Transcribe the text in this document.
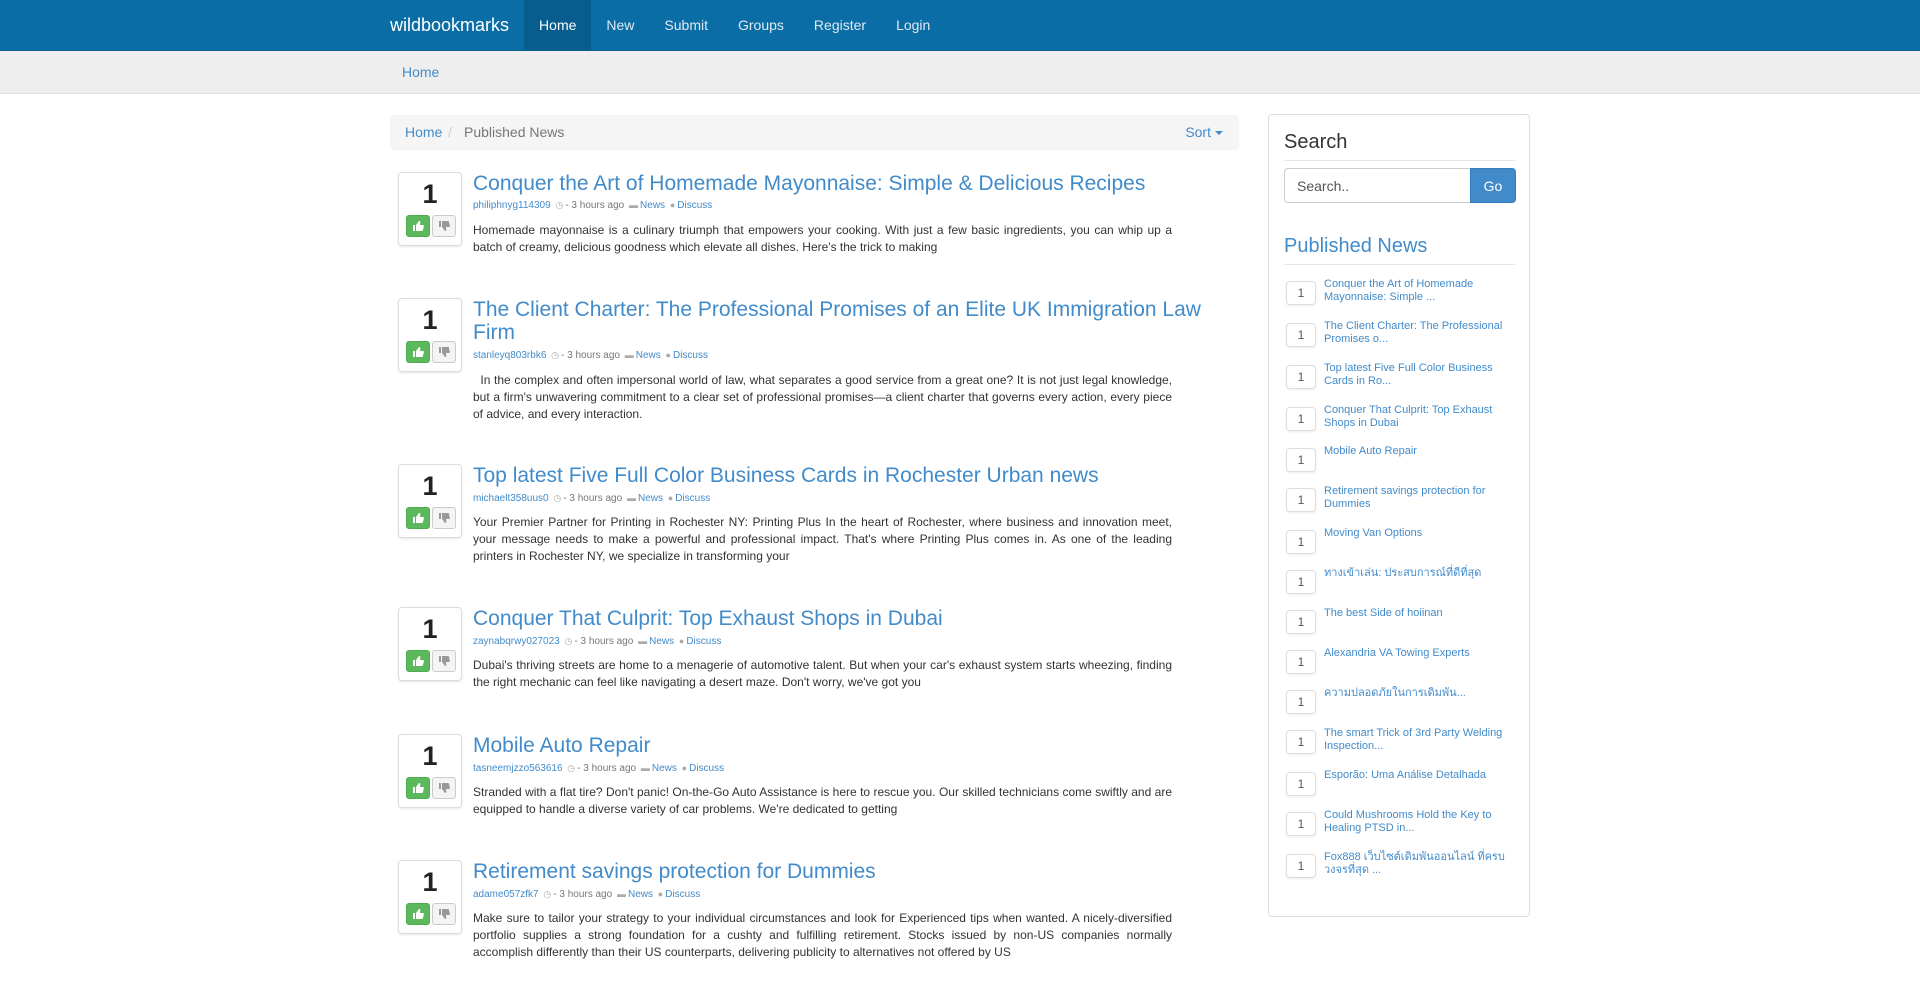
wildbookmarks	Home	New	Submit	Groups	Register	Login
Home
Home / Published News	Sort
1	Conquer the Art of Homemade Mayonnaise: Simple & Delicious Recipes
philiphnyg114309 ◷ - 3 hours ago ▬ News ● Discuss
Homemade mayonnaise is a culinary triumph that empowers your cooking. With just a few basic ingredients, you can whip up a batch of creamy, delicious goodness which elevate all dishes. Here's the trick to making
1	The Client Charter: The Professional Promises of an Elite UK Immigration Law Firm
stanleyq803rbk6 ◷ - 3 hours ago ▬ News ● Discuss
In the complex and often impersonal world of law, what separates a good service from a great one? It is not just legal knowledge, but a firm's unwavering commitment to a clear set of professional promises—a client charter that governs every action, every piece of advice, and every interaction.
1	Top latest Five Full Color Business Cards in Rochester Urban news
michaelt358uus0 ◷ - 3 hours ago ▬ News ● Discuss
Your Premier Partner for Printing in Rochester NY: Printing Plus In the heart of Rochester, where business and innovation meet, your message needs to make a powerful and professional impact. That's where Printing Plus comes in. As one of the leading printers in Rochester NY, we specialize in transforming your
1	Conquer That Culprit: Top Exhaust Shops in Dubai
zaynabqrwy027023 ◷ - 3 hours ago ▬ News ● Discuss
Dubai's thriving streets are home to a menagerie of automotive talent. But when your car's exhaust system starts wheezing, finding the right mechanic can feel like navigating a desert maze. Don't worry, we've got you
1	Mobile Auto Repair
tasneemjzzo563616 ◷ - 3 hours ago ▬ News ● Discuss
Stranded with a flat tire? Don't panic! On-the-Go Auto Assistance is here to rescue you. Our skilled technicians come swiftly and are equipped to handle a diverse variety of car problems. We're dedicated to getting
1	Retirement savings protection for Dummies
adame057zfk7 ◷ - 3 hours ago ▬ News ● Discuss
Make sure to tailor your strategy to your individual circumstances and look for Experienced tips when wanted. A nicely-diversified portfolio supplies a strong foundation for a cushty and fulfilling retirement. Stocks issued by non-US companies normally accomplish differently than their US counterparts, delivering publicity to alternatives not offered by US
Search
Search..
Go
Published News
1
Conquer the Art of Homemade Mayonnaise: Simple ...
1
The Client Charter: The Professional Promises o...
1
Top latest Five Full Color Business Cards in Ro...
1
Conquer That Culprit: Top Exhaust Shops in Dubai
1
Mobile Auto Repair
1
Retirement savings protection for Dummies
1
Moving Van Options
1
ทางเข้าเล่น: ประสบการณ์ที่ดีที่สุด
1
The best Side of hoiinan
1
Alexandria VA Towing Experts
1
ความปลอดภัยในการเดิมพัน...
1
The smart Trick of 3rd Party Welding Inspection...
1
Esporão: Uma Análise Detalhada
1
Could Mushrooms Hold the Key to Healing PTSD in...
1
Fox888 เว็บไซต์เดิมพันออนไลน์ ที่ครบวงจรที่สุด ...
